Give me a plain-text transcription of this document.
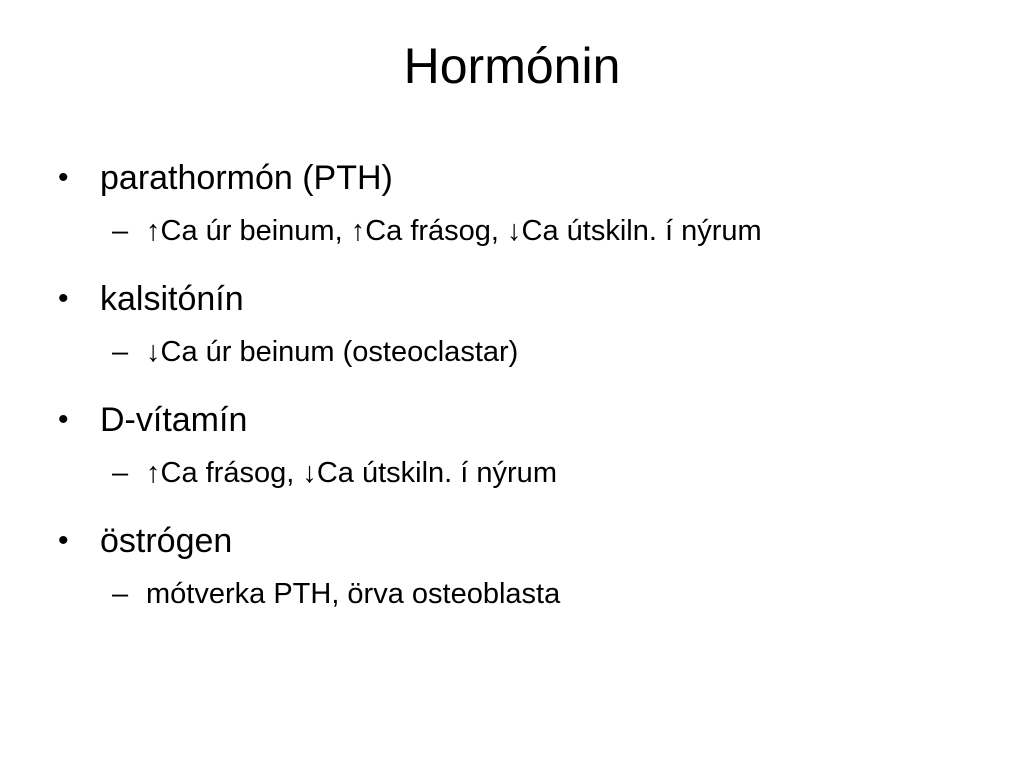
Hormónin
• parathormón (PTH)
– ↑Ca úr beinum, ↑Ca frásog, ↓Ca útskiln. í nýrum
• kalsitónín
– ↓Ca úr beinum (osteoclastar)
• D-vítamín
– ↑Ca frásog, ↓Ca útskiln. í nýrum
• östrógen
– mótverka PTH, örva osteoblasta
